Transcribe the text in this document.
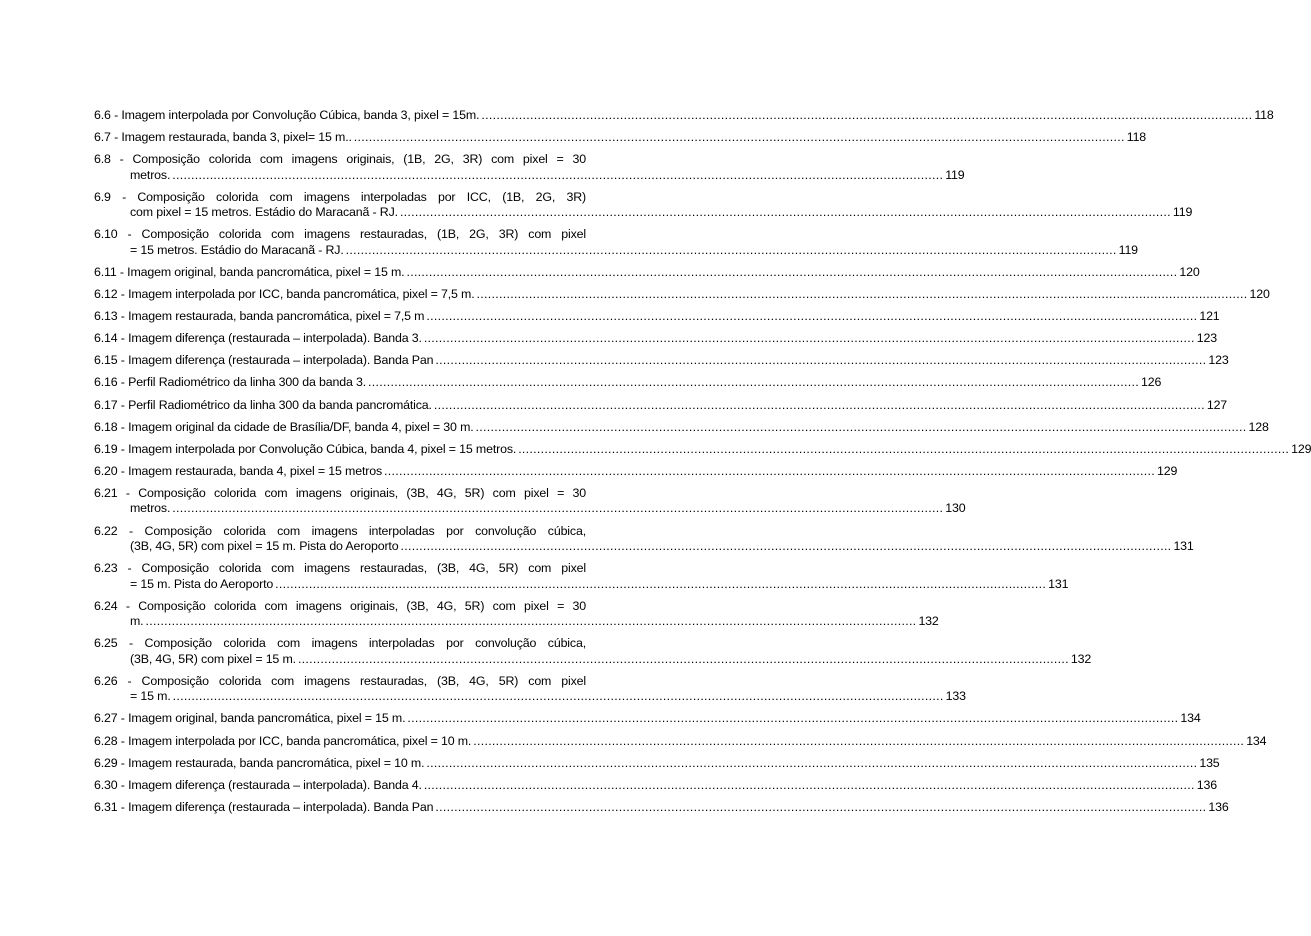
6.6 - Imagem interpolada por Convolução Cúbica, banda 3, pixel = 15m. .....	118
6.7 - Imagem restaurada, banda 3, pixel= 15 m.. .....	118
6.8 - Composição colorida com imagens originais, (1B, 2G, 3R) com pixel = 30
metros. .....	119
6.9 - Composição colorida com imagens interpoladas por ICC, (1B, 2G, 3R)
com pixel = 15 metros. Estádio do Maracanã - RJ. .....	119
6.10 - Composição colorida com imagens restauradas, (1B, 2G, 3R) com pixel
= 15 metros. Estádio do Maracanã - RJ. .....	119
6.11 - Imagem original, banda pancromática, pixel = 15 m. .....	120
6.12 - Imagem interpolada por ICC, banda pancromática, pixel = 7,5 m. .....	120
6.13 - Imagem restaurada, banda pancromática, pixel = 7,5 m .....	121
6.14 - Imagem diferença (restaurada – interpolada). Banda 3. .....	123
6.15 - Imagem diferença (restaurada – interpolada). Banda Pan .....	123
6.16 - Perfil Radiométrico da linha 300 da banda 3. .....	126
6.17 - Perfil Radiométrico da linha 300 da banda pancromática. .....	127
6.18 - Imagem original da cidade de Brasília/DF, banda 4, pixel = 30 m. .....	128
6.19 - Imagem interpolada por Convolução Cúbica, banda 4, pixel = 15 metros. .....	129
6.20 - Imagem restaurada, banda 4, pixel = 15 metros .....	129
6.21 - Composição colorida com imagens originais, (3B, 4G, 5R) com pixel = 30
metros. .....	130
6.22 - Composição colorida com imagens interpoladas por convolução cúbica,
(3B, 4G, 5R) com pixel = 15 m. Pista do Aeroporto .....	131
6.23 - Composição colorida com imagens restauradas, (3B, 4G, 5R) com pixel
= 15 m. Pista do Aeroporto .....	131
6.24 - Composição colorida com imagens originais, (3B, 4G, 5R) com pixel = 30
m. .....	132
6.25 - Composição colorida com imagens interpoladas por convolução cúbica,
(3B, 4G, 5R) com pixel = 15 m. .....	132
6.26 - Composição colorida com imagens restauradas, (3B, 4G, 5R) com pixel
= 15 m. .....	133
6.27 - Imagem original, banda pancromática, pixel = 15 m. .....	134
6.28 - Imagem interpolada por ICC, banda pancromática, pixel = 10 m. .....	134
6.29 - Imagem restaurada, banda pancromática, pixel = 10 m. .....	135
6.30 - Imagem diferença (restaurada – interpolada). Banda 4. .....	136
6.31 - Imagem diferença (restaurada – interpolada). Banda Pan .....	136
